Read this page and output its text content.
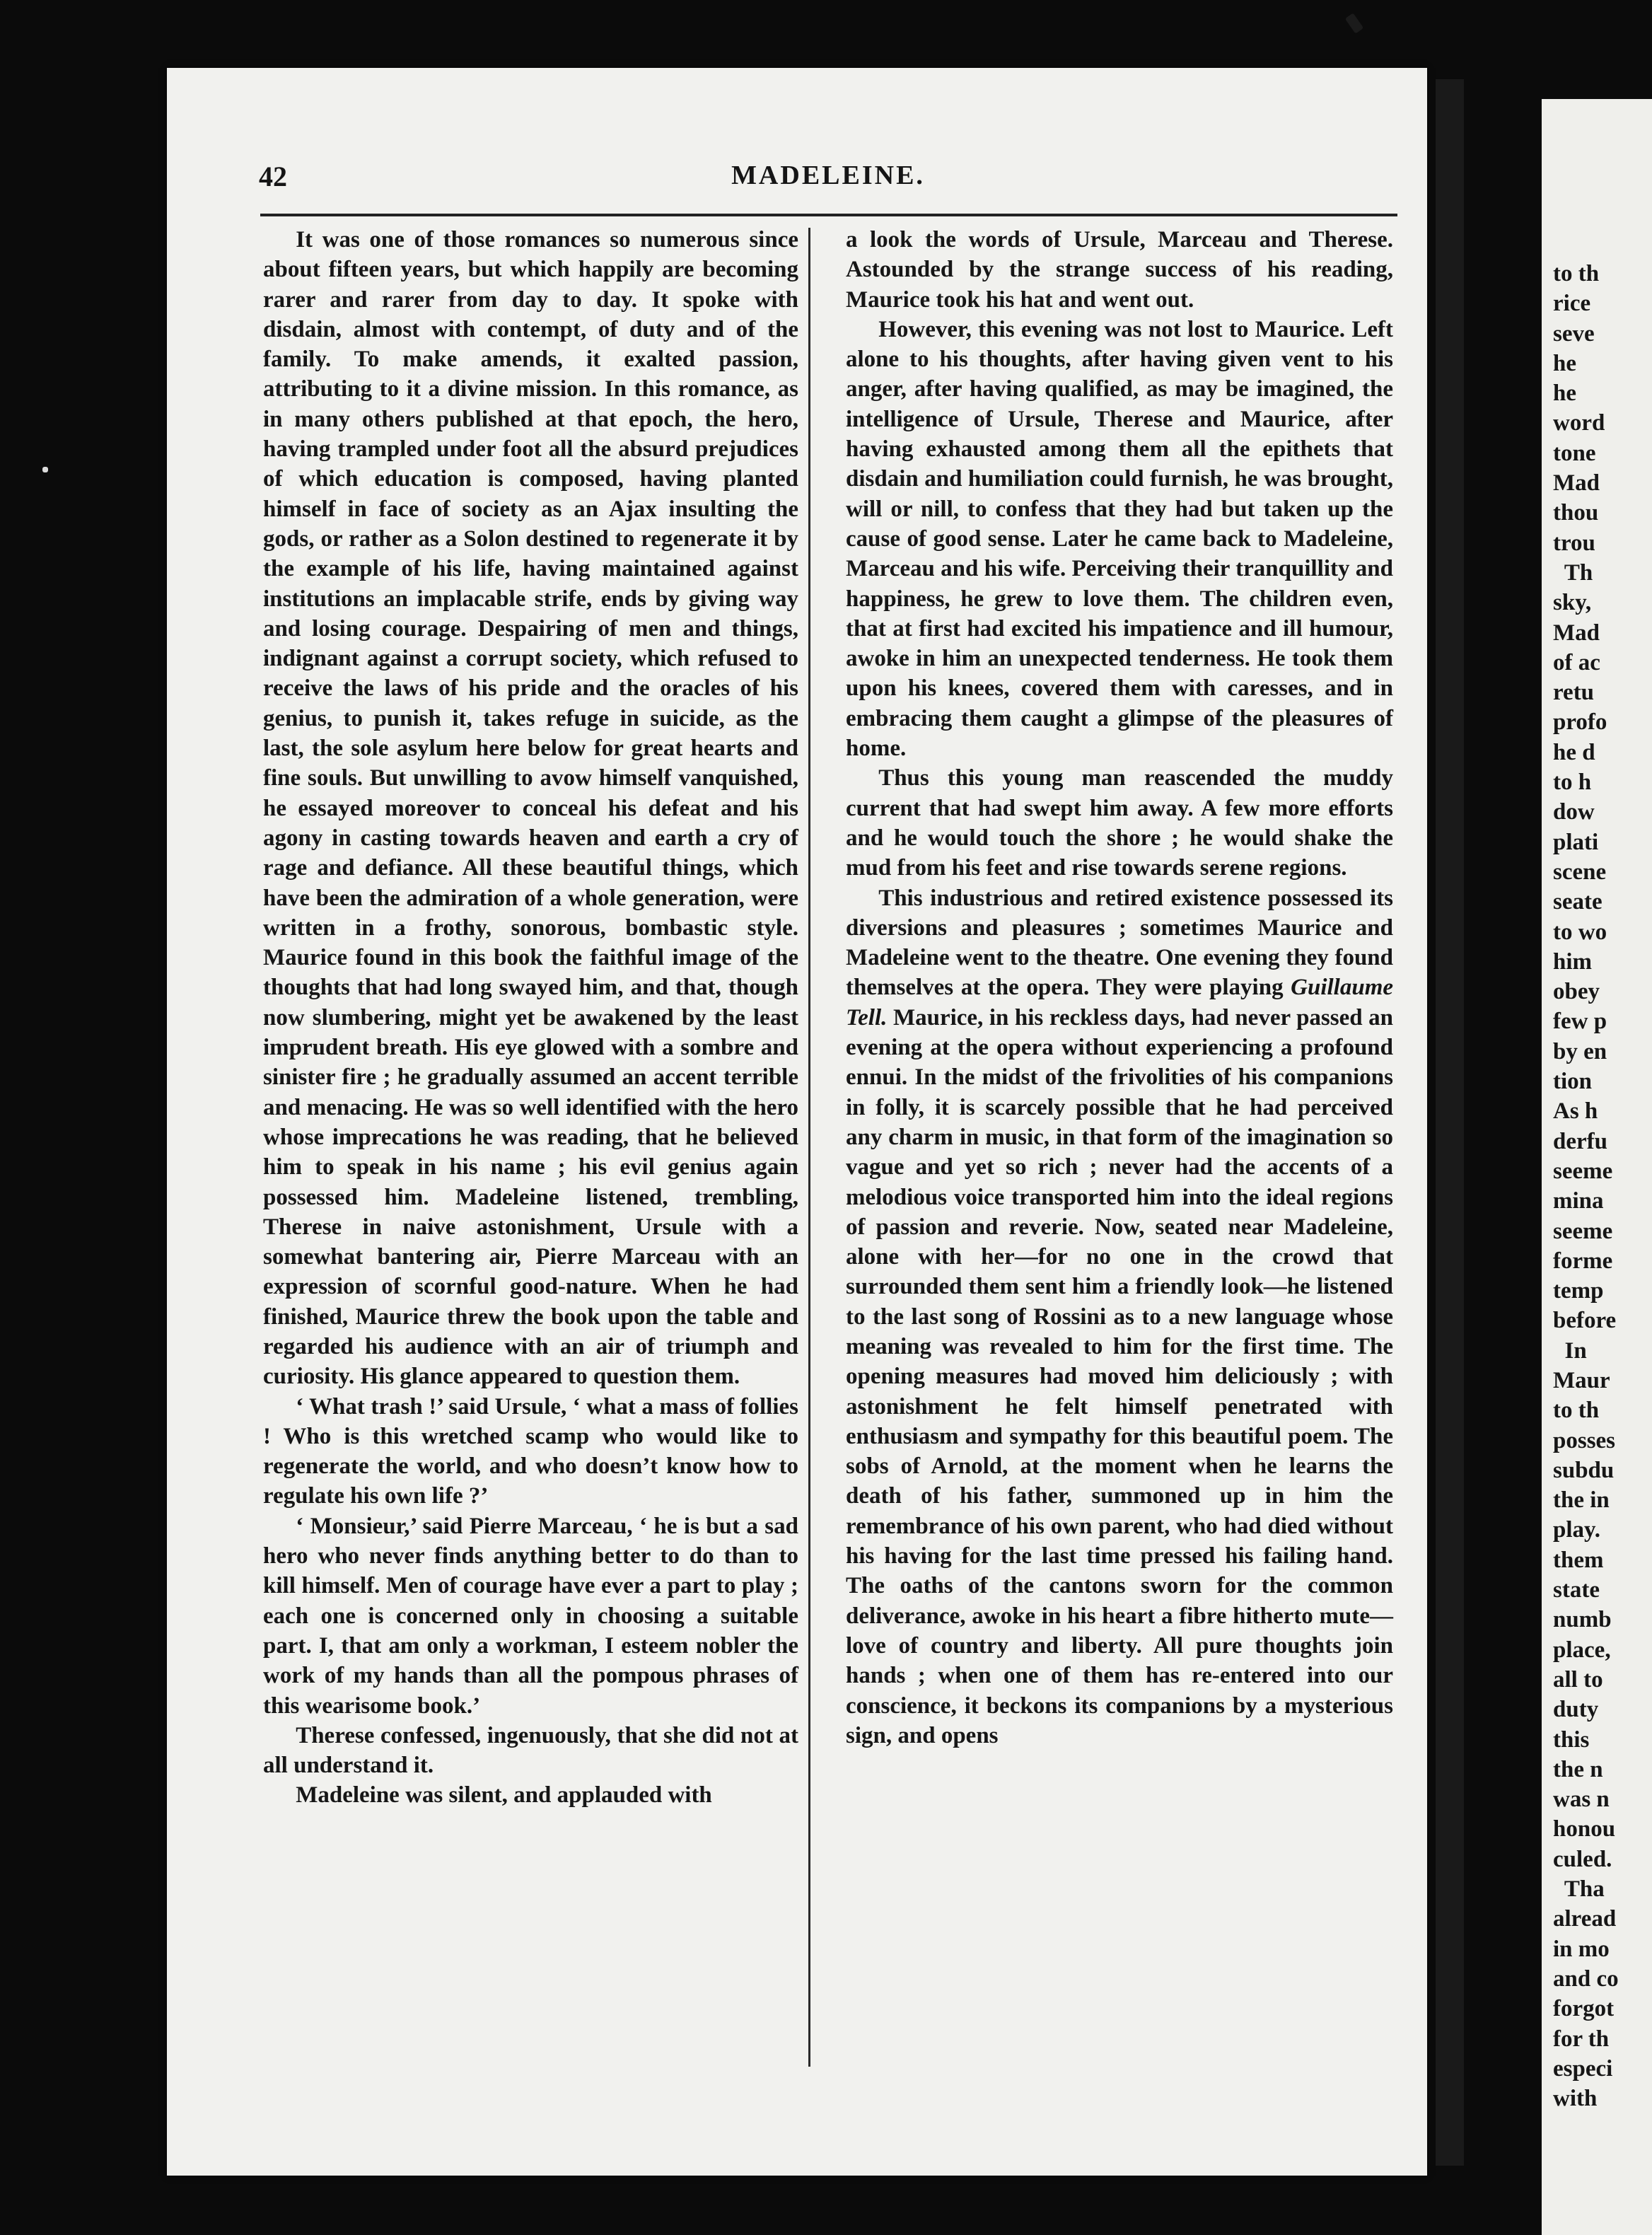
42	MADELEINE.

It was one of those romances so numerous since about fifteen years, but which happily are becoming rarer and rarer from day to day. It spoke with disdain, almost with contempt, of duty and of the family. To make amends, it exalted passion, attributing to it a divine mission. In this romance, as in many others published at that epoch, the hero, having trampled under foot all the absurd prejudices of which education is composed, having planted himself in face of society as an Ajax insulting the gods, or rather as a Solon destined to regenerate it by the example of his life, having maintained against institutions an implacable strife, ends by giving way and losing courage. Despairing of men and things, indignant against a corrupt society, which refused to receive the laws of his pride and the oracles of his genius, to punish it, takes refuge in suicide, as the last, the sole asylum here below for great hearts and fine souls. But unwilling to avow himself vanquished, he essayed moreover to conceal his defeat and his agony in casting towards heaven and earth a cry of rage and defiance. All these beautiful things, which have been the admiration of a whole generation, were written in a frothy, sonorous, bombastic style. Maurice found in this book the faithful image of the thoughts that had long swayed him, and that, though now slumbering, might yet be awakened by the least imprudent breath. His eye glowed with a sombre and sinister fire ; he gradually assumed an accent terrible and menacing. He was so well identified with the hero whose imprecations he was reading, that he believed him to speak in his name ; his evil genius again possessed him. Madeleine listened, trembling, Therese in naive astonishment, Ursule with a somewhat bantering air, Pierre Marceau with an expression of scornful good-nature. When he had finished, Maurice threw the book upon the table and regarded his audience with an air of triumph and curiosity. His glance appeared to question them.

‘ What trash !’ said Ursule, ‘ what a mass of follies ! Who is this wretched scamp who would like to regenerate the world, and who doesn’t know how to regulate his own life ?’

‘ Monsieur,’ said Pierre Marceau, ‘ he is but a sad hero who never finds anything better to do than to kill himself. Men of courage have ever a part to play ; each one is concerned only in choosing a suitable part. I, that am only a workman, I esteem nobler the work of my hands than all the pompous phrases of this wearisome book.’

Therese confessed, ingenuously, that she did not at all understand it.

Madeleine was silent, and applauded with

a look the words of Ursule, Marceau and Therese. Astounded by the strange success of his reading, Maurice took his hat and went out.

However, this evening was not lost to Maurice. Left alone to his thoughts, after having given vent to his anger, after having qualified, as may be imagined, the intelligence of Ursule, Therese and Maurice, after having exhausted among them all the epithets that disdain and humiliation could furnish, he was brought, will or nill, to confess that they had but taken up the cause of good sense. Later he came back to Madeleine, Marceau and his wife. Perceiving their tranquillity and happiness, he grew to love them. The children even, that at first had excited his impatience and ill humour, awoke in him an unexpected tenderness. He took them upon his knees, covered them with caresses, and in embracing them caught a glimpse of the pleasures of home.

Thus this young man reascended the muddy current that had swept him away. A few more efforts and he would touch the shore ; he would shake the mud from his feet and rise towards serene regions.

This industrious and retired existence possessed its diversions and pleasures ; sometimes Maurice and Madeleine went to the theatre. One evening they found themselves at the opera. They were playing Guillaume Tell. Maurice, in his reckless days, had never passed an evening at the opera without experiencing a profound ennui. In the midst of the frivolities of his companions in folly, it is scarcely possible that he had perceived any charm in music, in that form of the imagination so vague and yet so rich ; never had the accents of a melodious voice transported him into the ideal regions of passion and reverie. Now, seated near Madeleine, alone with her—for no one in the crowd that surrounded them sent him a friendly look—he listened to the last song of Rossini as to a new language whose meaning was revealed to him for the first time. The opening measures had moved him deliciously ; with astonishment he felt himself penetrated with enthusiasm and sympathy for this beautiful poem. The sobs of Arnold, at the moment when he learns the death of his father, summoned up in him the remembrance of his own parent, who had died without his having for the last time pressed his failing hand. The oaths of the cantons sworn for the common deliverance, awoke in his heart a fibre hitherto mute—love of country and liberty. All pure thoughts join hands ; when one of them has re-entered into our conscience, it beckons its companions by a mysterious sign, and opens

to th
rice
seve
he
he
word
tone
Mad
thou
trou
Th
sky,
Mad
of ac
retu
profo
he d
to h
dow
plati
scene
seate
to wo
him
obey
few p
by en
tion
As h
derfu
seeme
mina
seeme
forme
temp
before
In
Maur
to th
posses
subdu
the in
play.
them
state
numb
place,
all to
duty
this
the n
was n
honou
culed.
Tha
alread
in mo
and co
forgot
for th
especi
with
